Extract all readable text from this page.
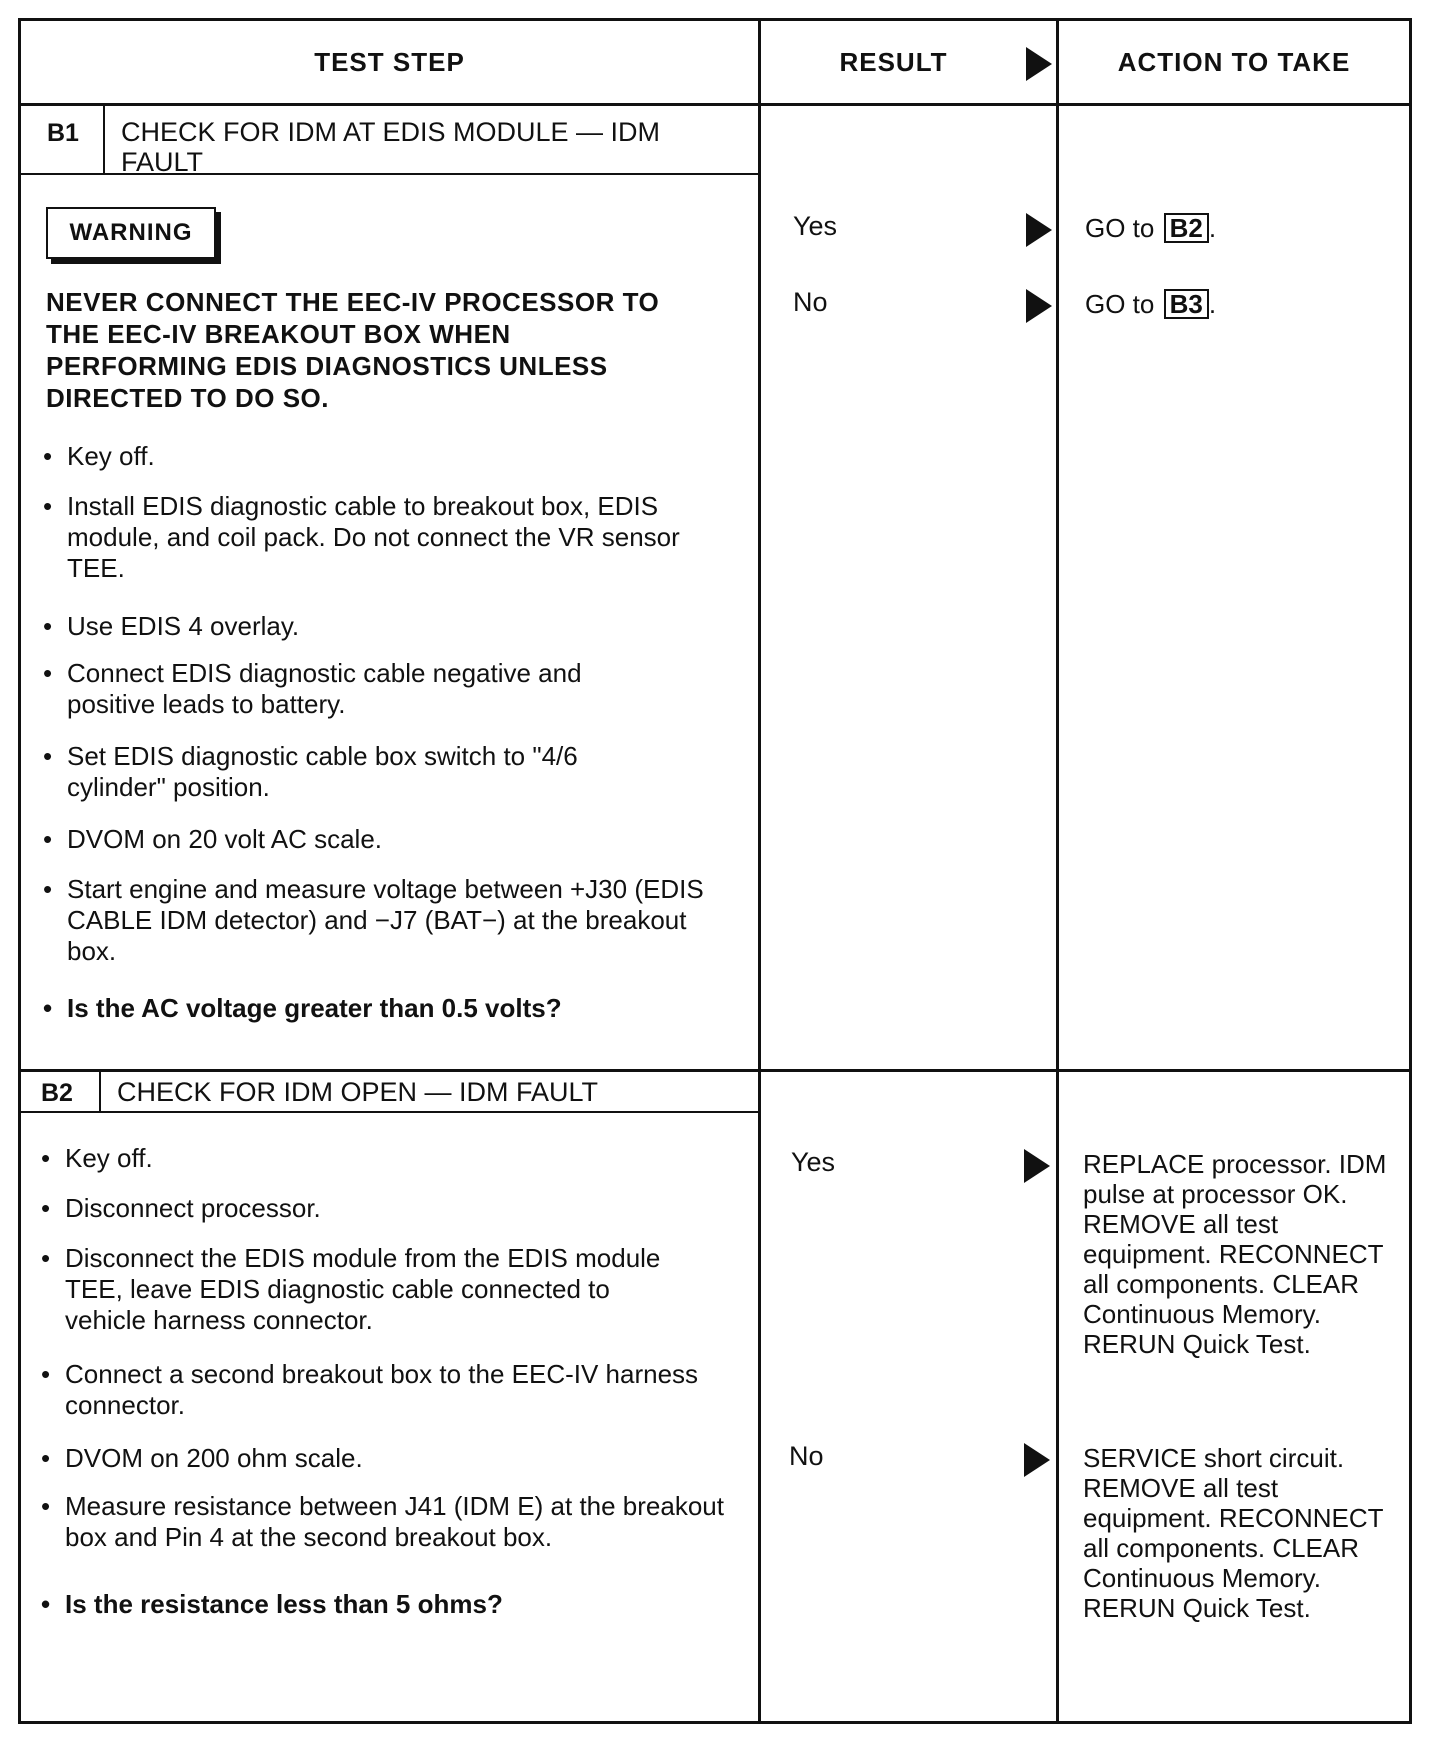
TEST STEP	RESULT	ACTION TO TAKE
B1 CHECK FOR IDM AT EDIS MODULE — IDM FAULT
WARNING
NEVER CONNECT THE EEC-IV PROCESSOR TO THE EEC-IV BREAKOUT BOX WHEN PERFORMING EDIS DIAGNOSTICS UNLESS DIRECTED TO DO SO.
• Key off.
• Install EDIS diagnostic cable to breakout box, EDIS module, and coil pack. Do not connect the VR sensor TEE.
• Use EDIS 4 overlay.
• Connect EDIS diagnostic cable negative and positive leads to battery.
• Set EDIS diagnostic cable box switch to "4/6 cylinder" position.
• DVOM on 20 volt AC scale.
• Start engine and measure voltage between +J30 (EDIS CABLE IDM detector) and −J7 (BAT−) at the breakout box.
• Is the AC voltage greater than 0.5 volts?
Yes	GO to B2 .
No	GO to B3 .
B2 CHECK FOR IDM OPEN — IDM FAULT
• Key off.
• Disconnect processor.
• Disconnect the EDIS module from the EDIS module TEE, leave EDIS diagnostic cable connected to vehicle harness connector.
• Connect a second breakout box to the EEC-IV harness connector.
• DVOM on 200 ohm scale.
• Measure resistance between J41 (IDM E) at the breakout box and Pin 4 at the second breakout box.
• Is the resistance less than 5 ohms?
Yes	REPLACE processor. IDM pulse at processor OK. REMOVE all test equipment. RECONNECT all components. CLEAR Continuous Memory. RERUN Quick Test.
No	SERVICE short circuit. REMOVE all test equipment. RECONNECT all components. CLEAR Continuous Memory. RERUN Quick Test.
